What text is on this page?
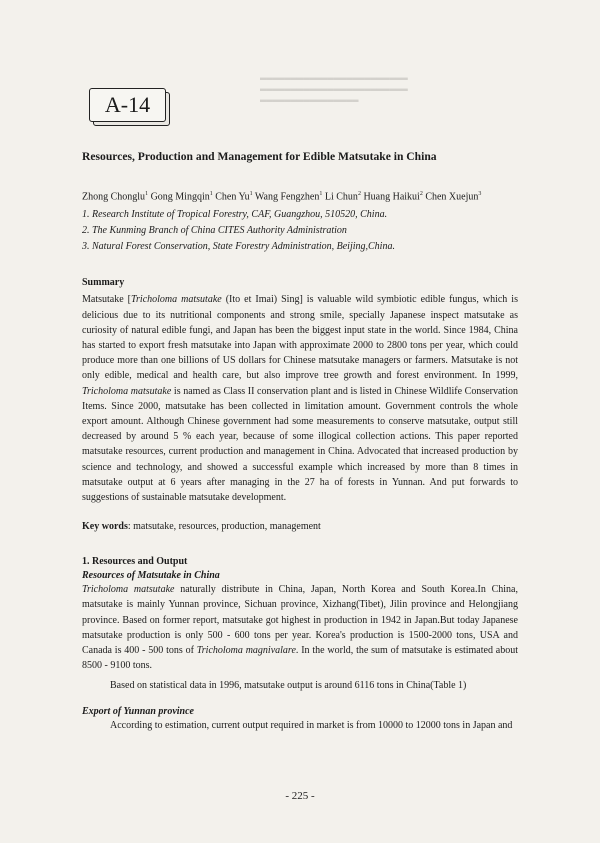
▂▂▂▂▂▂▂▂▂▂▂▂▂▂▂▂▂▂▂▂▂▂▂▂
▂▂▂▂▂▂▂▂▂▂▂▂▂▂▂▂▂▂▂▂▂▂▂▂
▂▂▂▂▂▂▂▂▂▂▂▂▂▂▂▂
A-14
Resources, Production and Management for Edible Matsutake in China
Zhong Chonglu$^1$ Gong Mingqin$^1$ Chen Yu$^1$ Wang Fengzhen$^1$ Li Chun$^2$ Huang Haikui$^2$ Chen Xuejun$^3$
1. Research Institute of Tropical Forestry, CAF, Guangzhou, 510520, China.
2. The Kunming Branch of China CITES Authority Administration
3. Natural Forest Conservation, State Forestry Administration, Beijing,China.
Summary

Matsutake [Tricholoma matsutake (Ito et Imai) Sing] is valuable wild symbiotic edible fungus, which is delicious due to its nutritional components and strong smile, specially Japanese inspect matsutake as curiosity of natural edible fungi, and Japan has been the biggest input state in the world. Since 1984, China has started to export fresh matsutake into Japan with approximate 2000 to 2800 tons per year, which could produce more than one billions of US dollars for Chinese matsutake managers or farmers. Matsutake is not only edible, medical and health care, but also improve tree growth and forest environment. In 1999, Tricholoma matsutake is named as Class II conservation plant and is listed in Chinese Wildlife Conservation Items. Since 2000, matsutake has been collected in limitation amount. Government controls the whole export amount. Although Chinese government had some measurements to conserve matsutake, output still decreased by around 5 % each year, because of some illogical collection actions. This paper reported matsutake resources, current production and management in China. Advocated that increased production by science and technology, and showed a successful example which increased by more than 8 times in matsutake output at 6 years after managing in the 27 ha of forests in Yunnan. And put forwards to suggestions of sustainable matsutake development.

Key words: matsutake, resources, production, management

1. Resources and Output
Resources of Matsutake in China

Tricholoma matsutake naturally distribute in China, Japan, North Korea and South Korea.In China, matsutake is mainly Yunnan province, Sichuan province, Xizhang(Tibet), Jilin province and Helongjiang province. Based on former report, matsutake got highest in production in 1942 in Japan.But today Japanese matsutake production is only 500 - 600 tons per year. Korea's production is 1500-2000 tons, USA and Canada is 400 - 500 tons of Tricholoma magnivalare. In the world, the sum of matsutake is estimated about 8500 - 9100 tons.

Based on statistical data in 1996, matsutake output is around 6116 tons in China(Table 1)

Export of Yunnan province

According to estimation, current output required in market is from 10000 to 12000 tons in Japan and

- 225 -
